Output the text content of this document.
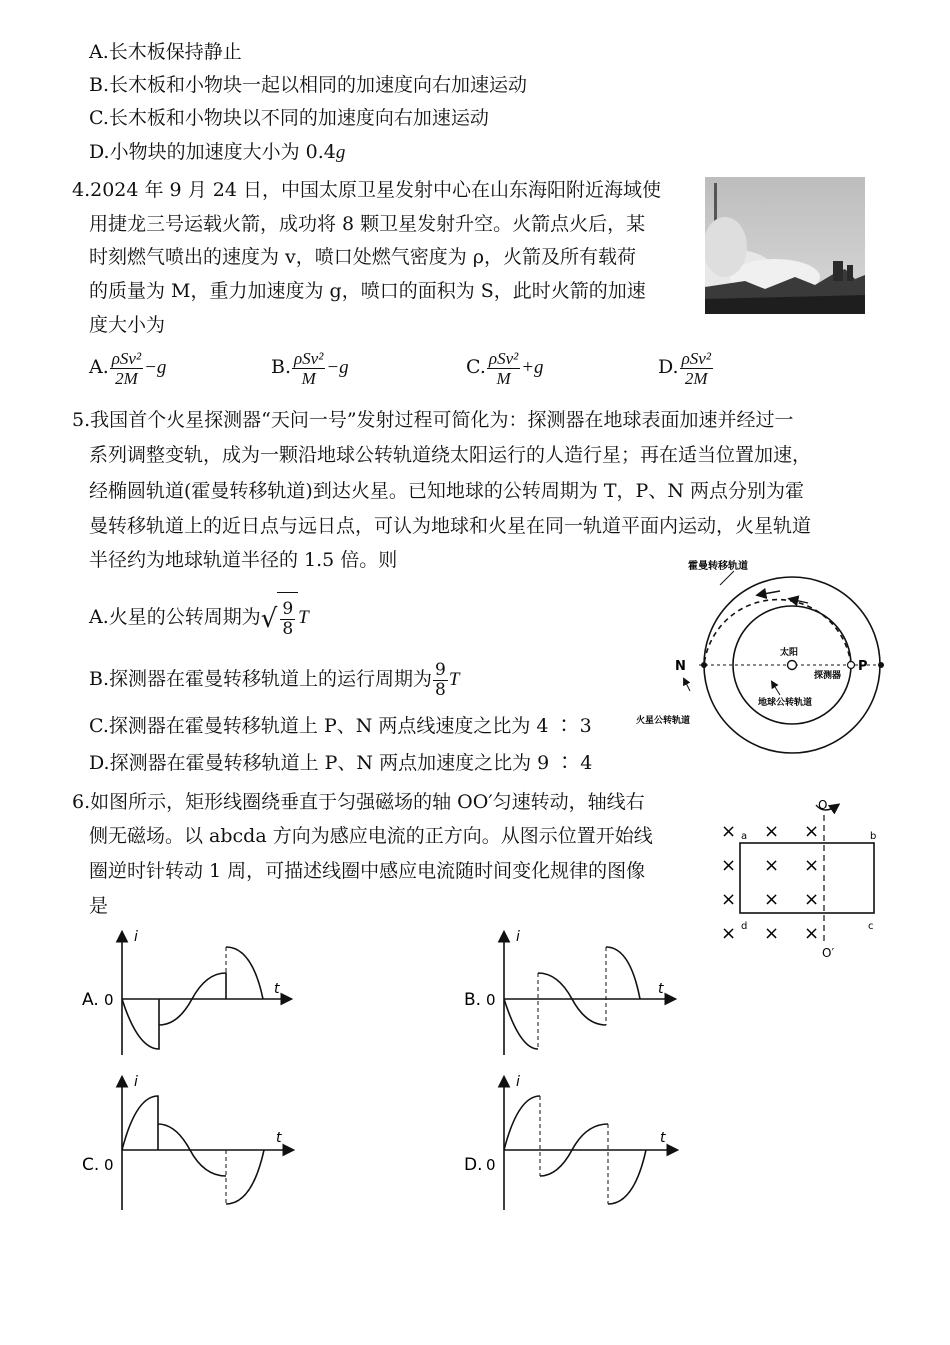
A.长木板保持静止
B.长木板和小物块一起以相同的加速度向右加速运动
C.长木板和小物块以不同的加速度向右加速运动
D.小物块的加速度大小为 0.4g
4.2024 年 9 月 24 日，中国太原卫星发射中心在山东海阳附近海域使
用捷龙三号运载火箭，成功将 8 颗卫星发射升空。火箭点火后，某
时刻燃气喷出的速度为 v，喷口处燃气密度为 ρ，火箭及所有载荷
的质量为 M，重力加速度为 g，喷口的面积为 S，此时火箭的加速
度大小为
A. $\frac{\text{ρSv²}}{2M} -g$	B. $\frac{\text{ρSv²}}{M} -g$	C. $\frac{\text{ρSv²}}{M} +g$	D. $\frac{\text{ρSv²}}{2M}$
5.我国首个火星探测器“天问一号”发射过程可简化为：探测器在地球表面加速并经过一
系列调整变轨，成为一颗沿地球公转轨道绕太阳运行的人造行星；再在适当位置加速，
经椭圆轨道(霍曼转移轨道)到达火星。已知地球的公转周期为 T，P、N 两点分别为霍
曼转移轨道上的近日点与远日点，可认为地球和火星在同一轨道平面内运动，火星轨道
半径约为地球轨道半径的 1.5 倍。则
A.火星的公转周期为√ $\frac{9}{8}$ T
B.探测器在霍曼转移轨道上的运行周期为 $\frac{9}{8}$ T
C.探测器在霍曼转移轨道上 P、N 两点线速度之比为 4 ∶ 3
D.探测器在霍曼转移轨道上 P、N 两点加速度之比为 9 ∶ 4
霍曼转移轨道
太阳
探测器
地球公转轨道
火星公转轨道
N	P
6.如图所示，矩形线圈绕垂直于匀强磁场的轴 OO′匀速转动，轴线右
侧无磁场。以 abcda 方向为感应电流的正方向。从图示位置开始线
圈逆时针转动 1 周，可描述线圈中感应电流随时间变化规律的图像
是
O
O′
a	b
c
d
× × ×
× × ×
× × ×
× × ×
A. 0
i
t
B. 0
i
t
C. 0
i
t
D. 0
i
t
